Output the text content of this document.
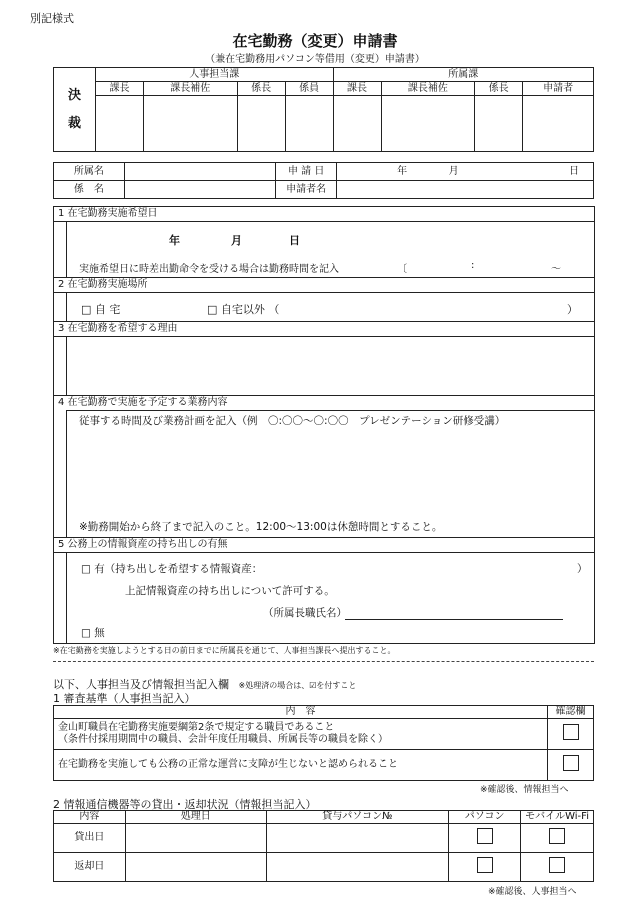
別記様式
在宅勤務（変更）申請書
（兼在宅勤務用パソコン等借用（変更）申請書）
決
裁	人事担当課				所属課			
	課長	課長補佐	係長	係員	課長	課長補佐	係長	申請者

所属名		申 請 日	年	月	日
係　名		申請者名			
1 在宅勤務実施希望日
年	月	日
実施希望日に時差出勤命令を受ける場合は勤務時間を記入	〔	:	～
2 在宅勤務実施場所
□ 自 宅	□ 自宅以外 （	）
3 在宅勤務を希望する理由
4 在宅勤務で実施を予定する業務内容
従事する時間及び業務計画を記入（例　〇:〇〇～〇:〇〇　プレゼンテーション研修受講）
※勤務開始から終了まで記入のこと。12:00～13:00は休憩時間とすること。
5 公務上の情報資産の持ち出しの有無
□ 有（持ち出しを希望する情報資産：	）
上記情報資産の持ち出しについて許可する。
（所属長職氏名）
□ 無
※在宅勤務を実施しようとする日の前日までに所属長を通じて、人事担当課長へ提出すること。
以下、人事担当及び情報担当記入欄 ※処理済の場合は、☑を付すこと
1 審査基準（人事担当記入）
内　容	確認欄

金山町職員在宅勤務実施要綱第2条で規定する職員であること
（条件付採用期間中の職員、会計年度任用職員、所属長等の職員を除く）	

在宅勤務を実施しても公務の正常な運営に支障が生じないと認められること	
※確認後、情報担当へ
2 情報通信機器等の貸出・返却状況（情報担当記入）
内容	処理日	貸与パソコン№	パソコン	モバイルWi-Fi
貸出日				
返却日				
※確認後、人事担当へ
